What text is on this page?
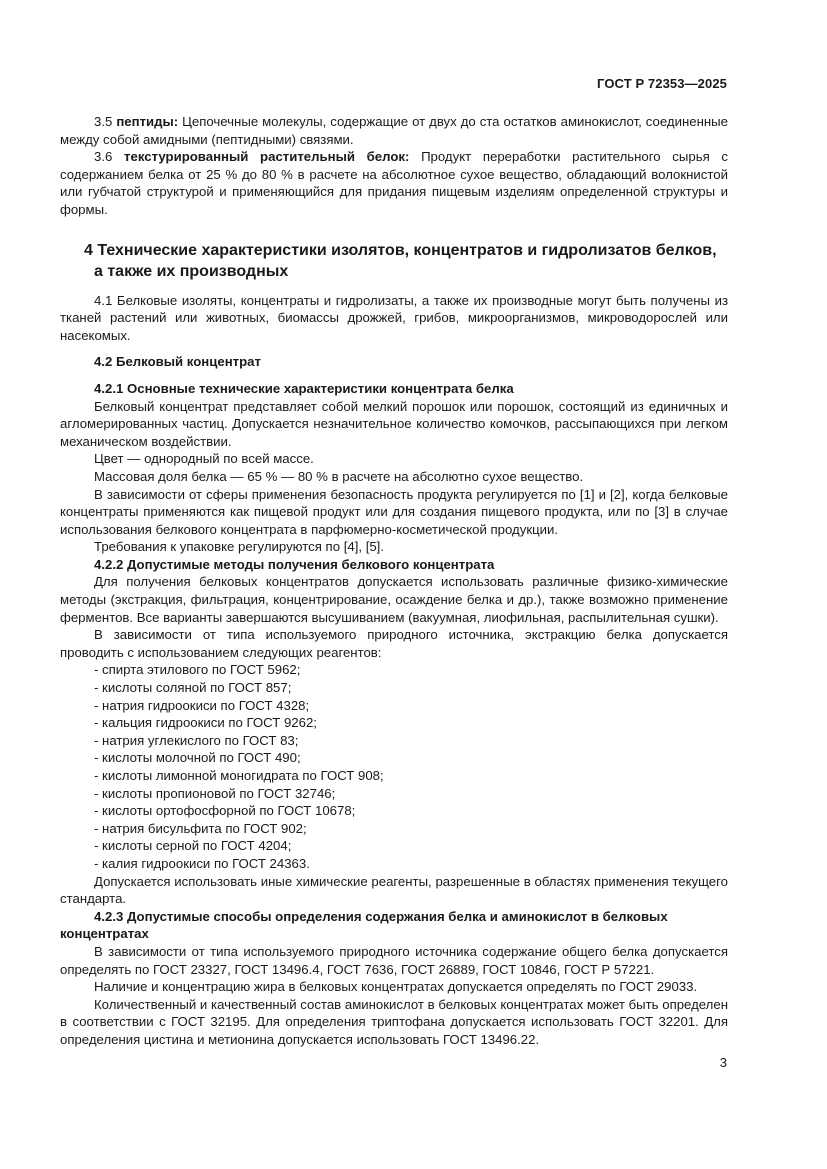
ГОСТ Р 72353—2025

3.5 пептиды: Цепочечные молекулы, содержащие от двух до ста остатков аминокислот, соединенные между собой амидными (пептидными) связями.

3.6 текстурированный растительный белок: Продукт переработки растительного сырья с содержанием белка от 25 % до 80 % в расчете на абсолютное сухое вещество, обладающий волокнистой или губчатой структурой и применяющийся для придания пищевым изделиям определенной структуры и формы.

4 Технические характеристики изолятов, концентратов и гидролизатов белков, а также их производных

4.1 Белковые изоляты, концентраты и гидролизаты, а также их производные могут быть получены из тканей растений или животных, биомассы дрожжей, грибов, микроорганизмов, микроводорослей или насекомых.

4.2 Белковый концентрат
4.2.1 Основные технические характеристики концентрата белка

Белковый концентрат представляет собой мелкий порошок или порошок, состоящий из единичных и агломерированных частиц. Допускается незначительное количество комочков, рассыпающихся при легком механическом воздействии.

Цвет — однородный по всей массе.

Массовая доля белка — 65 % — 80 % в расчете на абсолютно сухое вещество.

В зависимости от сферы применения безопасность продукта регулируется по [1] и [2], когда белковые концентраты применяются как пищевой продукт или для создания пищевого продукта, или по [3] в случае использования белкового концентрата в парфюмерно-косметической продукции.

Требования к упаковке регулируются по [4], [5].

4.2.2 Допустимые методы получения белкового концентрата

Для получения белковых концентратов допускается использовать различные физико-химические методы (экстракция, фильтрация, концентрирование, осаждение белка и др.), также возможно применение ферментов. Все варианты завершаются высушиванием (вакуумная, лиофильная, распылительная сушки).

В зависимости от типа используемого природного источника, экстракцию белка допускается проводить с использованием следующих реагентов:

- спирта этилового по ГОСТ 5962;
- кислоты соляной по ГОСТ 857;
- натрия гидроокиси по ГОСТ 4328;
- кальция гидроокиси по ГОСТ 9262;
- натрия углекислого по ГОСТ 83;
- кислоты молочной по ГОСТ 490;
- кислоты лимонной моногидрата по ГОСТ 908;
- кислоты пропионовой по ГОСТ 32746;
- кислоты ортофосфорной по ГОСТ 10678;
- натрия бисульфита по ГОСТ 902;
- кислоты серной по ГОСТ 4204;
- калия гидроокиси по ГОСТ 24363.

Допускается использовать иные химические реагенты, разрешенные в областях применения текущего стандарта.

4.2.3 Допустимые способы определения содержания белка и аминокислот в белковых концентратах

В зависимости от типа используемого природного источника содержание общего белка допускается определять по ГОСТ 23327, ГОСТ 13496.4, ГОСТ 7636, ГОСТ 26889, ГОСТ 10846, ГОСТ Р 57221.

Наличие и концентрацию жира в белковых концентратах допускается определять по ГОСТ 29033.

Количественный и качественный состав аминокислот в белковых концентратах может быть определен в соответствии с ГОСТ 32195. Для определения триптофана допускается использовать ГОСТ 32201. Для определения цистина и метионина допускается использовать ГОСТ 13496.22.

3
